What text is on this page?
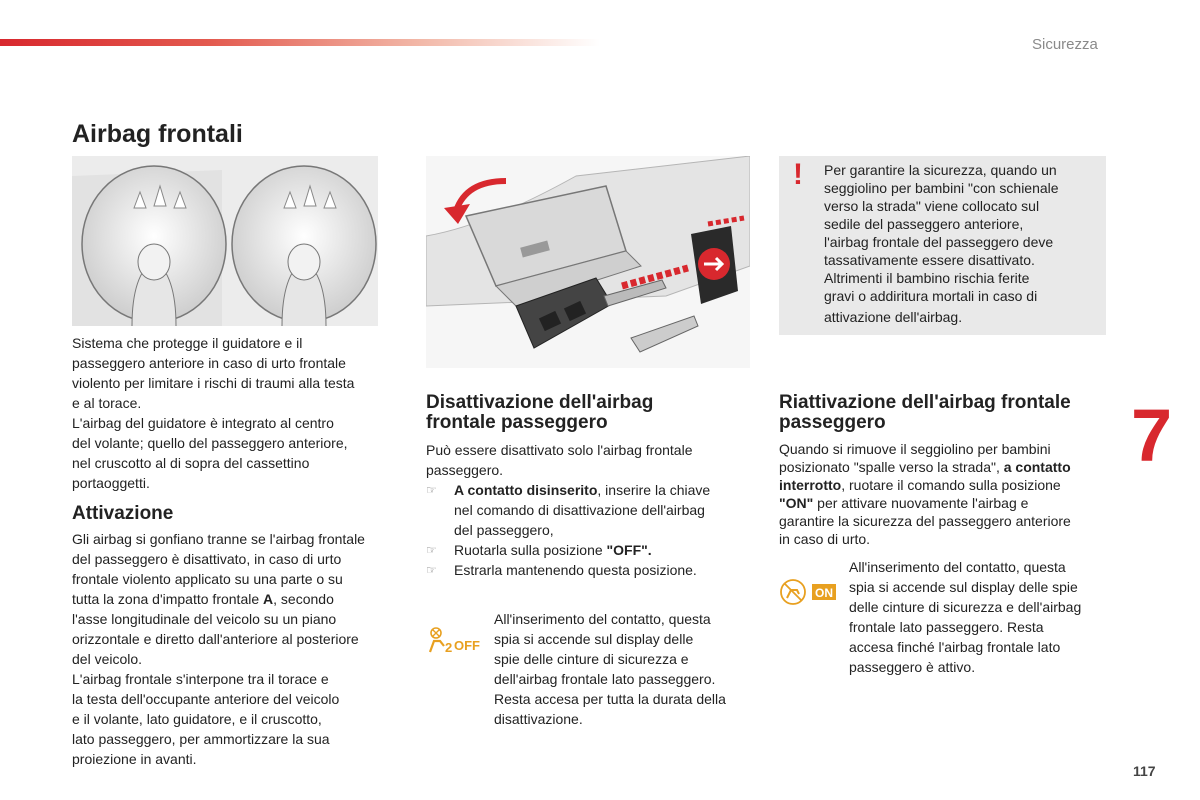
Sicurezza
Airbag frontali
Sistema che protegge il guidatore e il
passeggero anteriore in caso di urto frontale
violento per limitare i rischi di traumi alla testa
e al torace.
L'airbag del guidatore è integrato al centro
del volante; quello del passeggero anteriore,
nel cruscotto al di sopra del cassettino
portaoggetti.
Attivazione
Gli airbag si gonfiano tranne se l'airbag frontale
del passeggero è disattivato, in caso di urto
frontale violento applicato su una parte o su
tutta la zona d'impatto frontale A, secondo
l'asse longitudinale del veicolo su un piano
orizzontale e diretto dall'anteriore al posteriore
del veicolo.
L'airbag frontale s'interpone tra il torace e
la testa dell'occupante anteriore del veicolo
e il volante, lato guidatore, e il cruscotto,
lato passeggero, per ammortizzare la sua
proiezione in avanti.
Disattivazione dell'airbag
frontale passeggero
Può essere disattivato solo l'airbag frontale
passeggero.
☞ A contatto disinserito, inserire la chiave
nel comando di disattivazione dell'airbag
del passeggero,
☞ Ruotarla sulla posizione "OFF".
☞ Estrarla mantenendo questa posizione.
2 OFF
All'inserimento del contatto, questa
spia si accende sul display delle
spie delle cinture di sicurezza e
dell'airbag frontale lato passeggero.
Resta accesa per tutta la durata della
disattivazione.
! Per garantire la sicurezza, quando un
seggiolino per bambini "con schienale
verso la strada" viene collocato sul
sedile del passeggero anteriore,
l'airbag frontale del passeggero deve
tassativamente essere disattivato.
Altrimenti il bambino rischia ferite
gravi o addiritura mortali in caso di
attivazione dell'airbag.
Riattivazione dell'airbag frontale
passeggero
Quando si rimuove il seggiolino per bambini
posizionato "spalle verso la strada", a contatto
interrotto, ruotare il comando sulla posizione
"ON" per attivare nuovamente l'airbag e
garantire la sicurezza del passeggero anteriore
in caso di urto.
ON
All'inserimento del contatto, questa
spia si accende sul display delle spie
delle cinture di sicurezza e dell'airbag
frontale lato passeggero. Resta
accesa finché l'airbag frontale lato
passeggero è attivo.
7
117
